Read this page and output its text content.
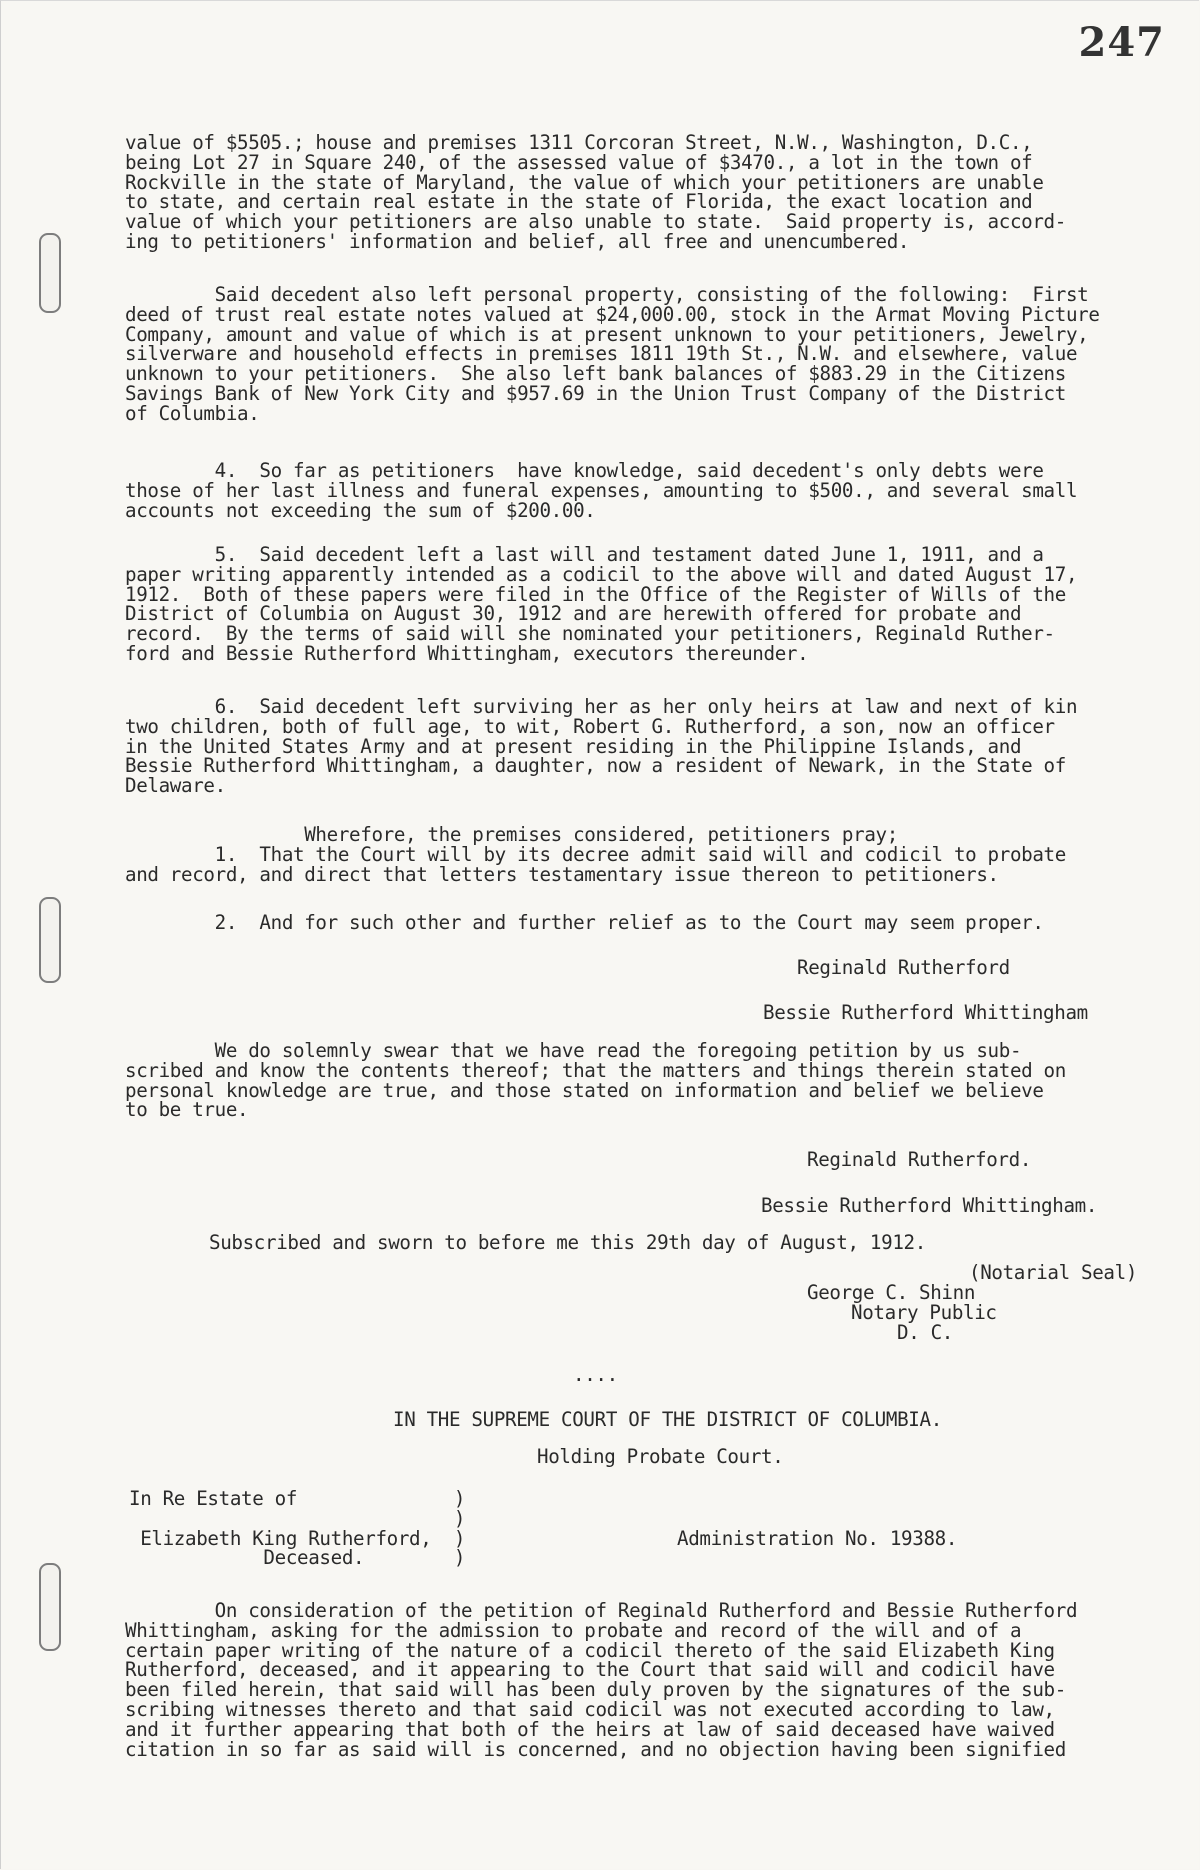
247
value of $5505.; house and premises 1311 Corcoran Street, N.W., Washington, D.C.,
being Lot 27 in Square 240, of the assessed value of $3470., a lot in the town of
Rockville in the state of Maryland, the value of which your petitioners are unable
to state, and certain real estate in the state of Florida, the exact location and
value of which your petitioners are also unable to state.  Said property is, accord-
ing to petitioners' information and belief, all free and unencumbered.
Said decedent also left personal property, consisting of the following:  First
deed of trust real estate notes valued at $24,000.00, stock in the Armat Moving Picture
Company, amount and value of which is at present unknown to your petitioners, Jewelry,
silverware and household effects in premises 1811 19th St., N.W. and elsewhere, value
unknown to your petitioners.  She also left bank balances of $883.29 in the Citizens
Savings Bank of New York City and $957.69 in the Union Trust Company of the District
of Columbia.
4.  So far as petitioners  have knowledge, said decedent's only debts were
those of her last illness and funeral expenses, amounting to $500., and several small
accounts not exceeding the sum of $200.00.
5.  Said decedent left a last will and testament dated June 1, 1911, and a
paper writing apparently intended as a codicil to the above will and dated August 17,
1912.  Both of these papers were filed in the Office of the Register of Wills of the
District of Columbia on August 30, 1912 and are herewith offered for probate and
record.  By the terms of said will she nominated your petitioners, Reginald Ruther-
ford and Bessie Rutherford Whittingham, executors thereunder.
6.  Said decedent left surviving her as her only heirs at law and next of kin
two children, both of full age, to wit, Robert G. Rutherford, a son, now an officer
in the United States Army and at present residing in the Philippine Islands, and
Bessie Rutherford Whittingham, a daughter, now a resident of Newark, in the State of
Delaware.
Wherefore, the premises considered, petitioners pray;
1.  That the Court will by its decree admit said will and codicil to probate
and record, and direct that letters testamentary issue thereon to petitioners.
2.  And for such other and further relief as to the Court may seem proper.
Reginald Rutherford
Bessie Rutherford Whittingham
We do solemnly swear that we have read the foregoing petition by us sub-
scribed and know the contents thereof; that the matters and things therein stated on
personal knowledge are true, and those stated on information and belief we believe
to be true.
Reginald Rutherford.
Bessie Rutherford Whittingham.
Subscribed and sworn to before me this 29th day of August, 1912.
(Notarial Seal)
George C. Shinn
Notary Public
D. C.
....
IN THE SUPREME COURT OF THE DISTRICT OF COLUMBIA.
Holding Probate Court.
In Re Estate of              )
)
Elizabeth King Rutherford,  )
Deceased.        )
Administration No. 19388.
On consideration of the petition of Reginald Rutherford and Bessie Rutherford
Whittingham, asking for the admission to probate and record of the will and of a
certain paper writing of the nature of a codicil thereto of the said Elizabeth King
Rutherford, deceased, and it appearing to the Court that said will and codicil have
been filed herein, that said will has been duly proven by the signatures of the sub-
scribing witnesses thereto and that said codicil was not executed according to law,
and it further appearing that both of the heirs at law of said deceased have waived
citation in so far as said will is concerned, and no objection having been signified
